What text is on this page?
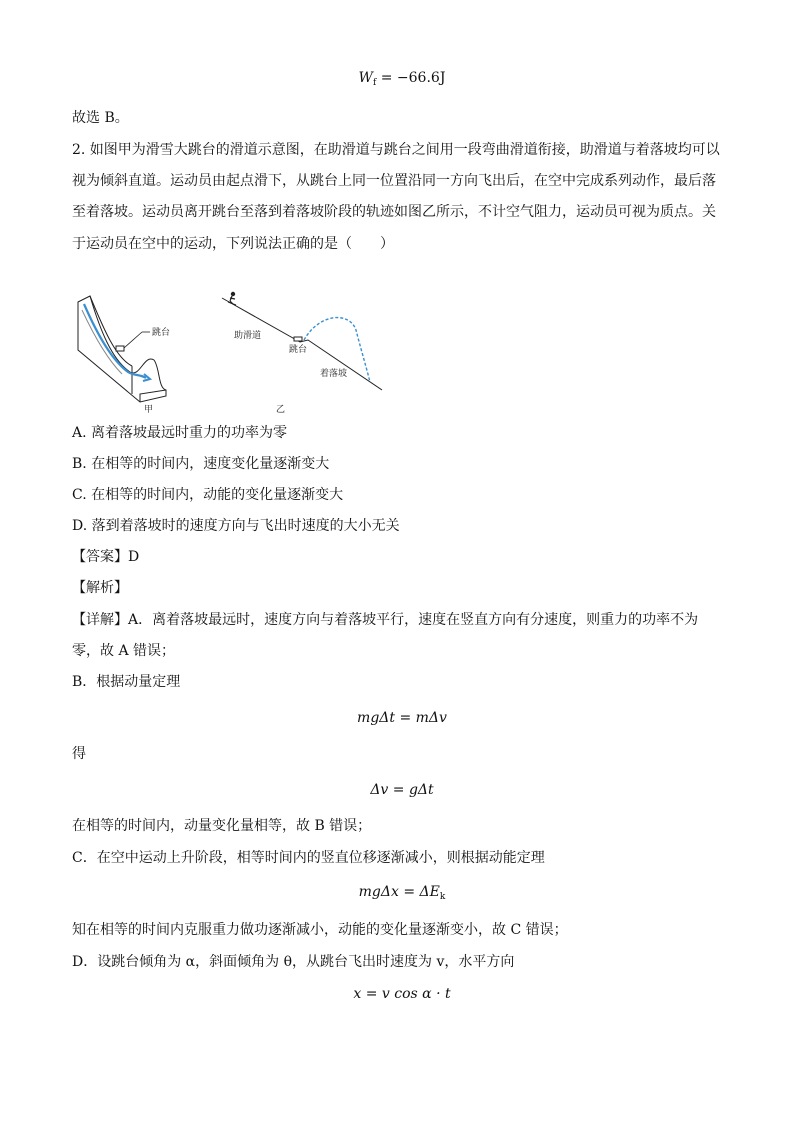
$W_f = -66.6J$
故选 B。
2. 如图甲为滑雪大跳台的滑道示意图，在助滑道与跳台之间用一段弯曲滑道衔接，助滑道与着落坡均可以
视为倾斜直道。运动员由起点滑下，从跳台上同一位置沿同一方向飞出后，在空中完成系列动作，最后落
至着落坡。运动员离开跳台至落到着落坡阶段的轨迹如图乙所示，不计空气阻力，运动员可视为质点。关
于运动员在空中的运动，下列说法正确的是（　　）
跳台
甲
助滑道
跳台
着落坡
乙
A. 离着落坡最远时重力的功率为零
B. 在相等的时间内，速度变化量逐渐变大
C. 在相等的时间内，动能的变化量逐渐变大
D. 落到着落坡时的速度方向与飞出时速度的大小无关
【答案】D
【解析】
【详解】A．离着落坡最远时，速度方向与着落坡平行，速度在竖直方向有分速度，则重力的功率不为
零，故 A 错误；
B．根据动量定理
mgΔt = mΔv
得
Δv = gΔt
在相等的时间内，动量变化量相等，故 B 错误；
C．在空中运动上升阶段，相等时间内的竖直位移逐渐减小，则根据动能定理
$mg\Delta x = \Delta E_k$
知在相等的时间内克服重力做功逐渐减小，动能的变化量逐渐变小，故 C 错误；
D．设跳台倾角为 α，斜面倾角为 θ，从跳台飞出时速度为 v，水平方向
x = v cos α · t
